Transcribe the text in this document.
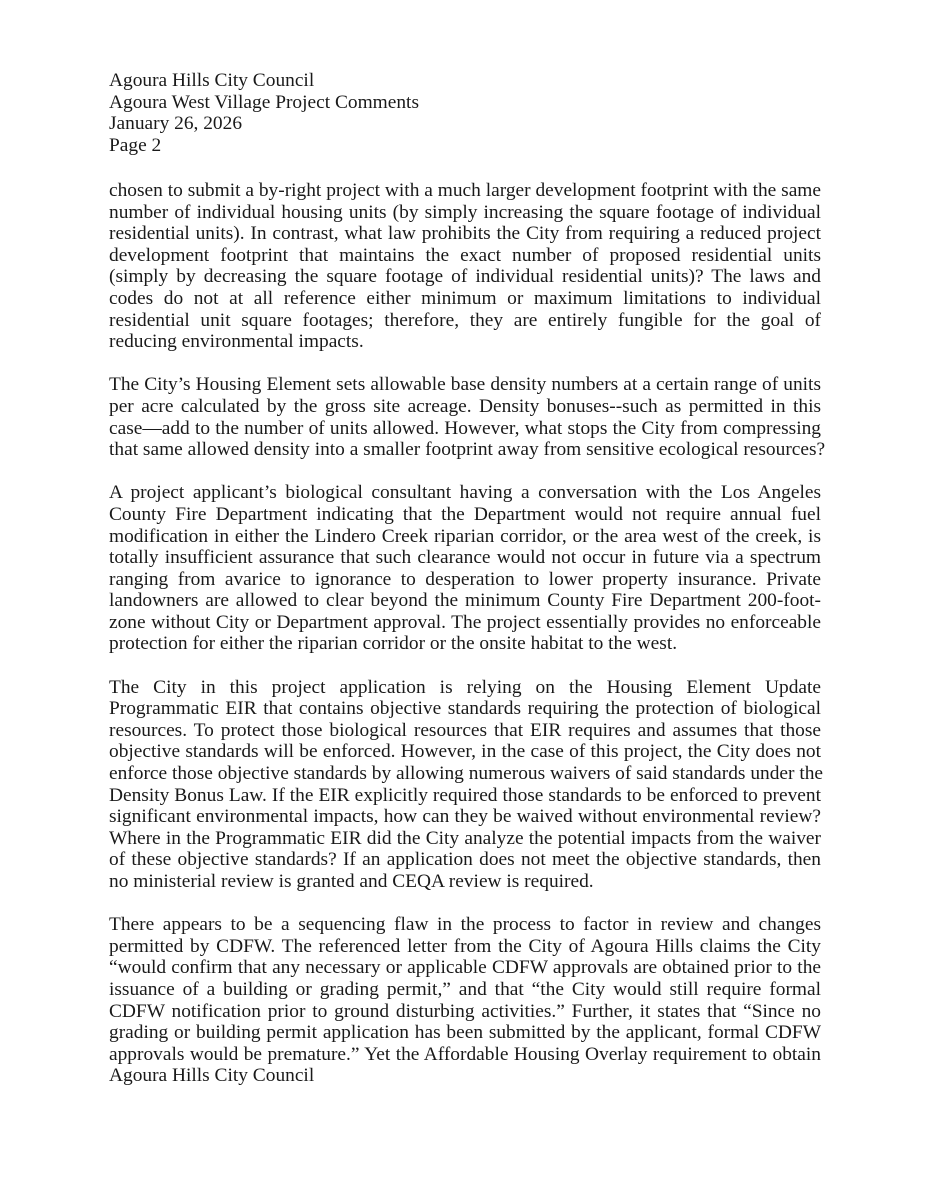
Agoura Hills City Council
Agoura West Village Project Comments
January 26, 2026
Page 2

chosen to submit a by-right project with a much larger development footprint with the same
number of individual housing units (by simply increasing the square footage of individual
residential units). In contrast, what law prohibits the City from requiring a reduced project
development footprint that maintains the exact number of proposed residential units
(simply by decreasing the square footage of individual residential units)? The laws and
codes do not at all reference either minimum or maximum limitations to individual
residential unit square footages; therefore, they are entirely fungible for the goal of
reducing environmental impacts.

The City’s Housing Element sets allowable base density numbers at a certain range of units
per acre calculated by the gross site acreage. Density bonuses--such as permitted in this
case—add to the number of units allowed. However, what stops the City from compressing
that same allowed density into a smaller footprint away from sensitive ecological resources?

A project applicant’s biological consultant having a conversation with the Los Angeles
County Fire Department indicating that the Department would not require annual fuel
modification in either the Lindero Creek riparian corridor, or the area west of the creek, is
totally insufficient assurance that such clearance would not occur in future via a spectrum
ranging from avarice to ignorance to desperation to lower property insurance. Private
landowners are allowed to clear beyond the minimum County Fire Department 200-foot-
zone without City or Department approval. The project essentially provides no enforceable
protection for either the riparian corridor or the onsite habitat to the west.

The City in this project application is relying on the Housing Element Update
Programmatic EIR that contains objective standards requiring the protection of biological
resources. To protect those biological resources that EIR requires and assumes that those
objective standards will be enforced. However, in the case of this project, the City does not
enforce those objective standards by allowing numerous waivers of said standards under the
Density Bonus Law. If the EIR explicitly required those standards to be enforced to prevent
significant environmental impacts, how can they be waived without environmental review?
Where in the Programmatic EIR did the City analyze the potential impacts from the waiver
of these objective standards? If an application does not meet the objective standards, then
no ministerial review is granted and CEQA review is required.

There appears to be a sequencing flaw in the process to factor in review and changes
permitted by CDFW. The referenced letter from the City of Agoura Hills claims the City
“would confirm that any necessary or applicable CDFW approvals are obtained prior to the
issuance of a building or grading permit,” and that “the City would still require formal
CDFW notification prior to ground disturbing activities.” Further, it states that “Since no
grading or building permit application has been submitted by the applicant, formal CDFW
approvals would be premature.” Yet the Affordable Housing Overlay requirement to obtain
Agoura Hills City Council
